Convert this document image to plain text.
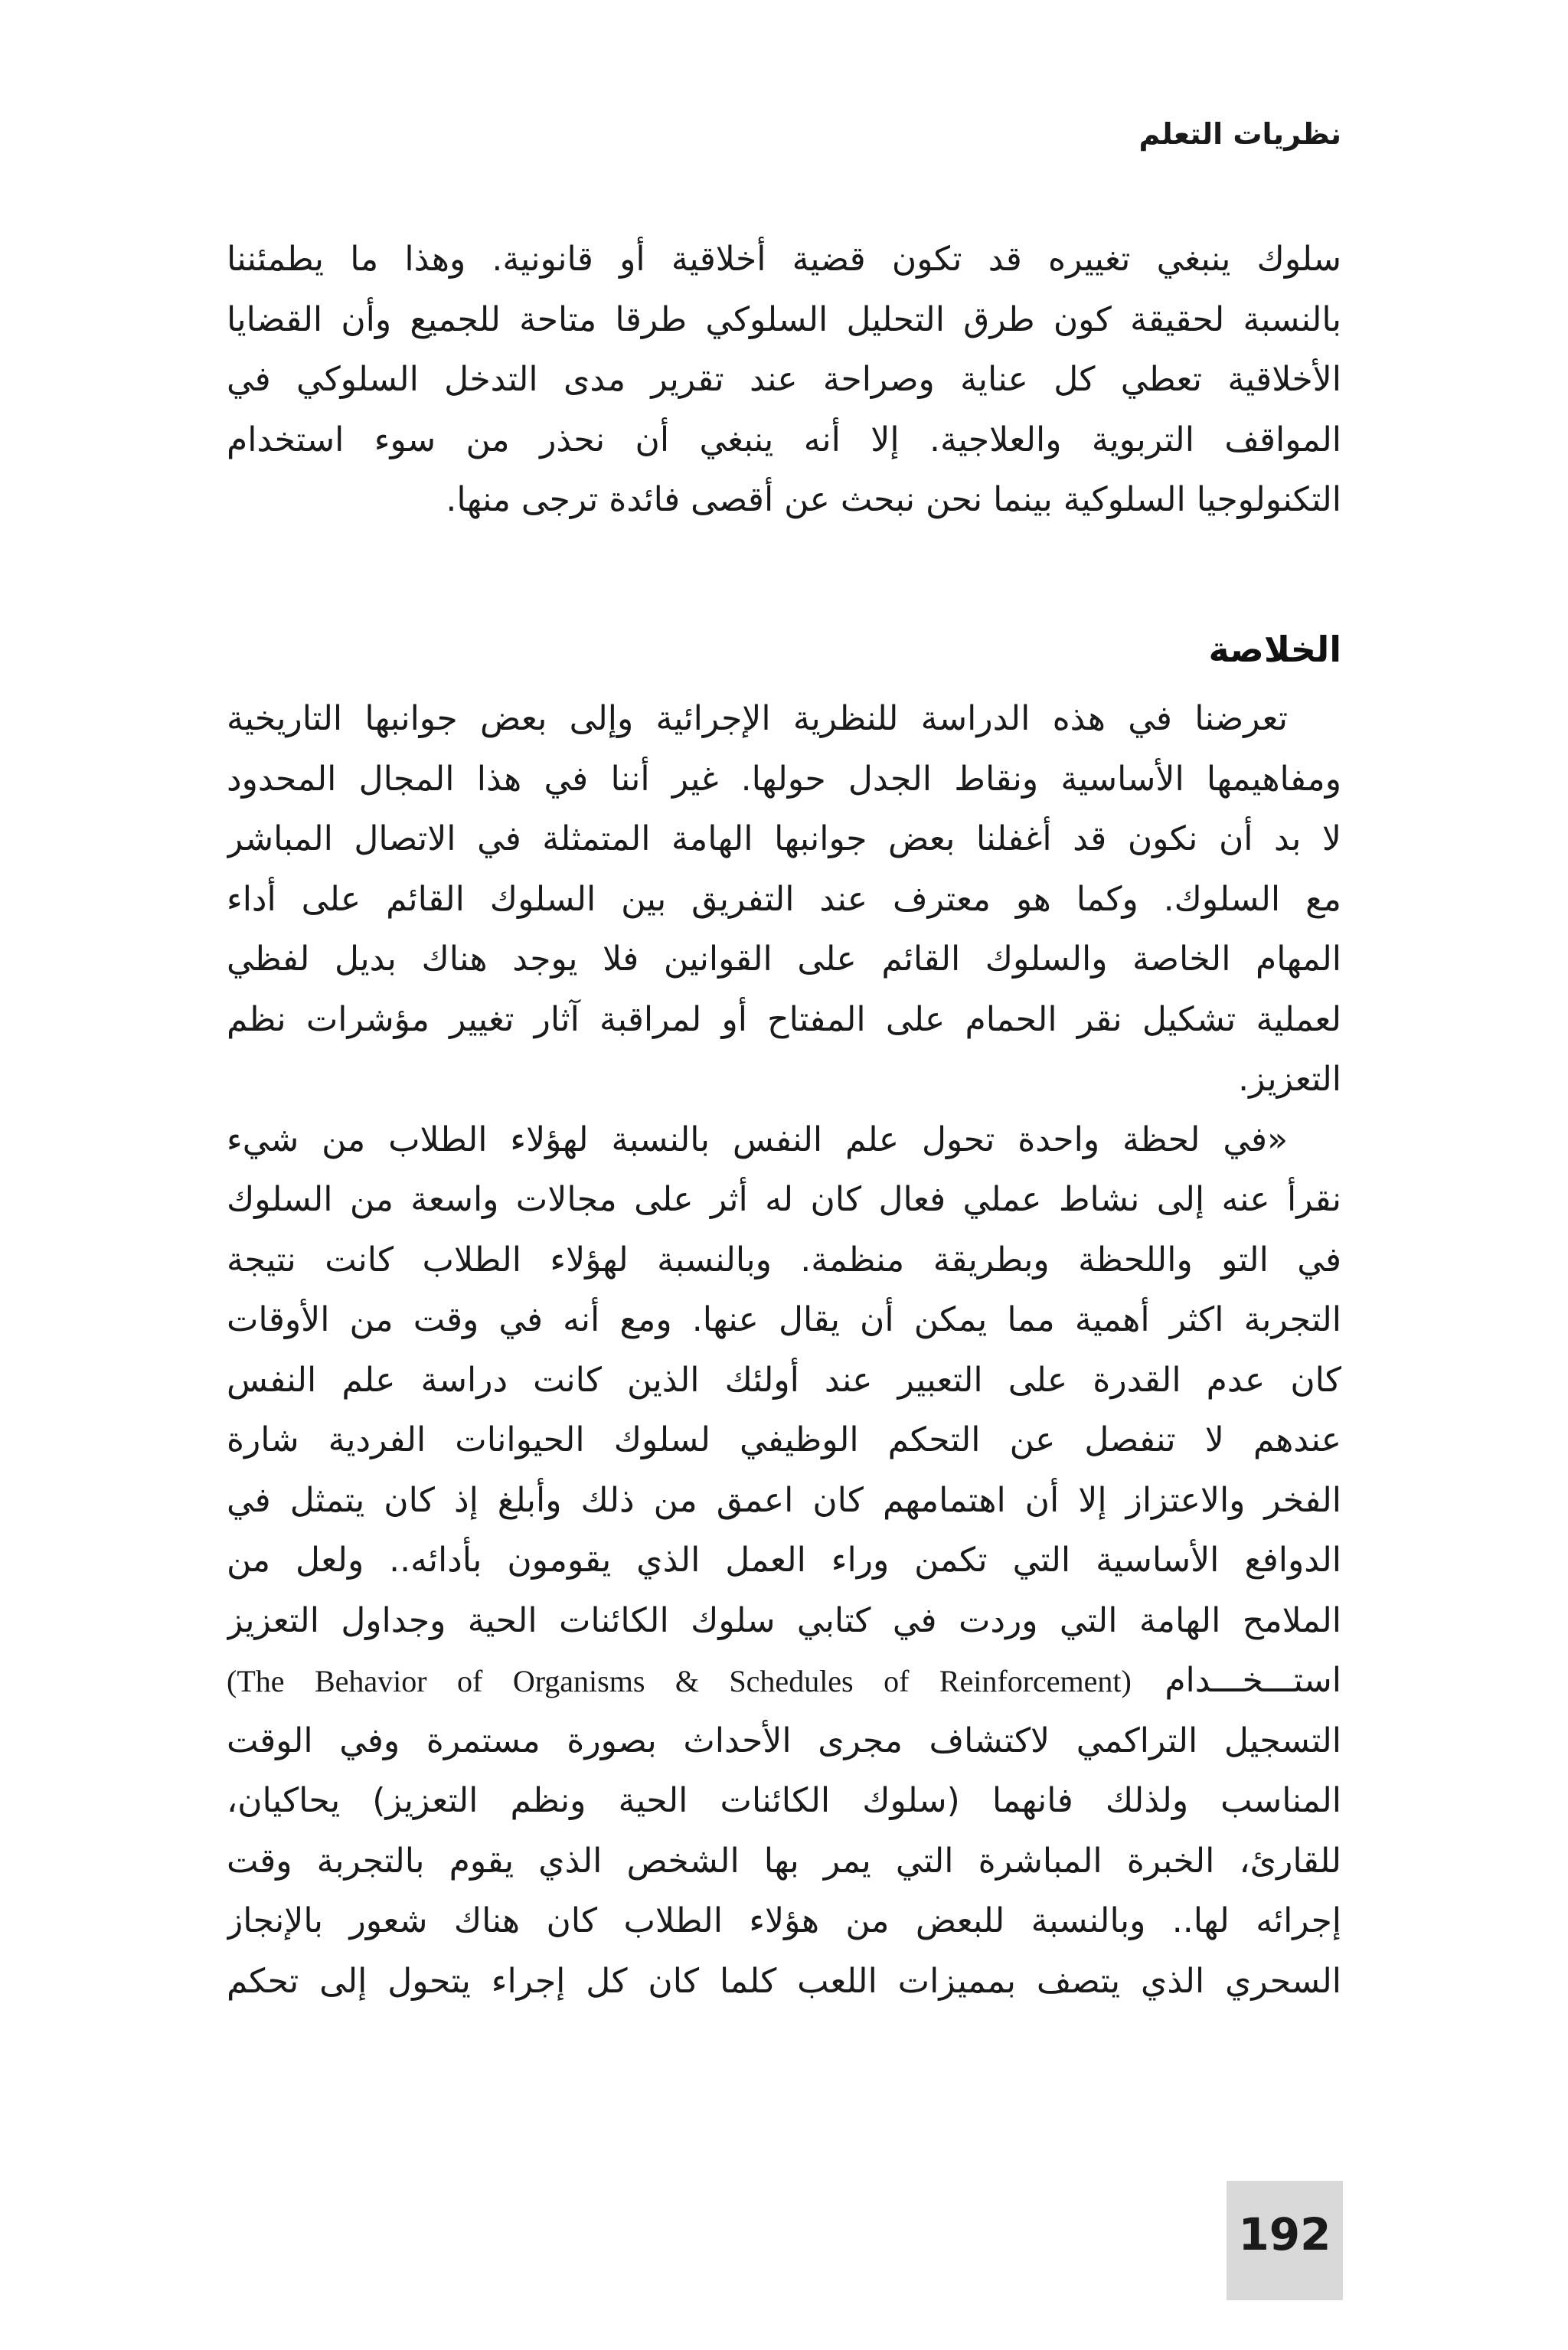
نظريات التعلم
سلوك ينبغي تغييره قد تكون قضية أخلاقية أو قانونية. وهذا ما يطمئننا
بالنسبة لحقيقة كون طرق التحليل السلوكي طرقا متاحة للجميع وأن القضايا
الأخلاقية تعطي كل عناية وصراحة عند تقرير مدى التدخل السلوكي في
المواقف التربوية والعلاجية. إلا أنه ينبغي أن نحذر من سوء استخدام
التكنولوجيا السلوكية بينما نحن نبحث عن أقصى فائدة ترجى منها.
الخلاصة
تعرضنا في هذه الدراسة للنظرية الإجرائية وإلى بعض جوانبها التاريخية
ومفاهيمها الأساسية ونقاط الجدل حولها. غير أننا في هذا المجال المحدود
لا بد أن نكون قد أغفلنا بعض جوانبها الهامة المتمثلة في الاتصال المباشر
مع السلوك. وكما هو معترف عند التفريق بين السلوك القائم على أداء
المهام الخاصة والسلوك القائم على القوانين فلا يوجد هناك بديل لفظي
لعملية تشكيل نقر الحمام على المفتاح أو لمراقبة آثار تغيير مؤشرات نظم
التعزيز.
«في لحظة واحدة تحول علم النفس بالنسبة لهؤلاء الطلاب من شيء
نقرأ عنه إلى نشاط عملي فعال كان له أثر على مجالات واسعة من السلوك
في التو واللحظة وبطريقة منظمة. وبالنسبة لهؤلاء الطلاب كانت نتيجة
التجربة اكثر أهمية مما يمكن أن يقال عنها. ومع أنه في وقت من الأوقات
كان عدم القدرة على التعبير عند أولئك الذين كانت دراسة علم النفس
عندهم لا تنفصل عن التحكم الوظيفي لسلوك الحيوانات الفردية شارة
الفخر والاعتزاز إلا أن اهتمامهم كان اعمق من ذلك وأبلغ إذ كان يتمثل في
الدوافع الأساسية التي تكمن وراء العمل الذي يقومون بأدائه.. ولعل من
الملامح الهامة التي وردت في كتابي سلوك الكائنات الحية وجداول التعزيز
استـــخـــدام (The Behavior of Organisms & Schedules of Reinforcement)
التسجيل التراكمي لاكتشاف مجرى الأحداث بصورة مستمرة وفي الوقت
المناسب ولذلك فانهما (سلوك الكائنات الحية ونظم التعزيز) يحاكيان،
للقارئ، الخبرة المباشرة التي يمر بها الشخص الذي يقوم بالتجربة وقت
إجرائه لها.. وبالنسبة للبعض من هؤلاء الطلاب كان هناك شعور بالإنجاز
السحري الذي يتصف بمميزات اللعب كلما كان كل إجراء يتحول إلى تحكم
192
